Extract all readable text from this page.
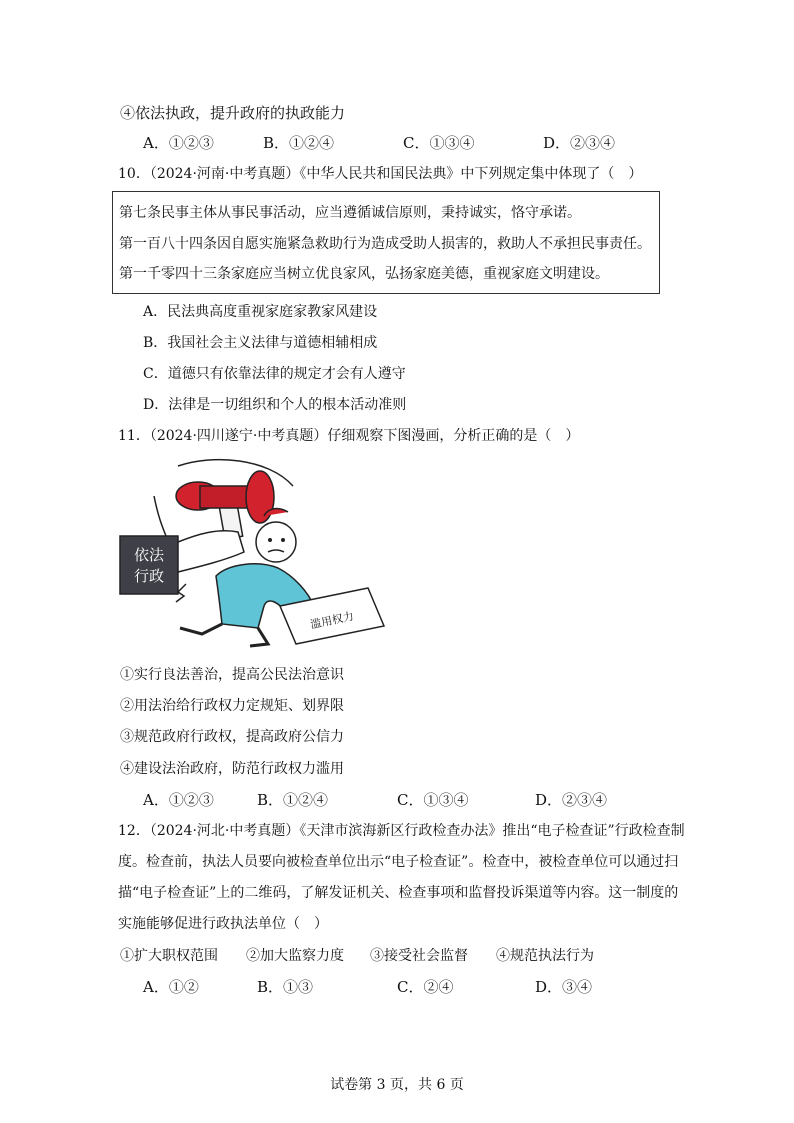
④依法执政，提升政府的执政能力
A．①②③	B．①②④	C．①③④	D．②③④
10．（2024·河南·中考真题）《中华人民共和国民法典》中下列规定集中体现了（　）
第七条民事主体从事民事活动，应当遵循诚信原则，秉持诚实，恪守承诺。
第一百八十四条因自愿实施紧急救助行为造成受助人损害的，救助人不承担民事责任。
第一千零四十三条家庭应当树立优良家风，弘扬家庭美德，重视家庭文明建设。
A．民法典高度重视家庭家教家风建设
B．我国社会主义法律与道德相辅相成
C．道德只有依靠法律的规定才会有人遵守
D．法律是一切组织和个人的根本活动准则
11．（2024·四川遂宁·中考真题）仔细观察下图漫画，分析正确的是（　）
依法
行政
滥用权力
①实行良法善治，提高公民法治意识
②用法治给行政权力定规矩、划界限
③规范政府行政权，提高政府公信力
④建设法治政府，防范行政权力滥用
A．①②③	B．①②④	C．①③④	D．②③④
12．（2024·河北·中考真题）《天津市滨海新区行政检查办法》推出“电子检查证”行政检查制
度。检查前，执法人员要向被检查单位出示“电子检查证”。检查中，被检查单位可以通过扫
描“电子检查证”上的二维码，了解发证机关、检查事项和监督投诉渠道等内容。这一制度的
实施能够促进行政执法单位（　）
①扩大职权范围 ②加大监察力度 ③接受社会监督 ④规范执法行为
A．①②	B．①③	C．②④	D．③④
试卷第 3 页，共 6 页
